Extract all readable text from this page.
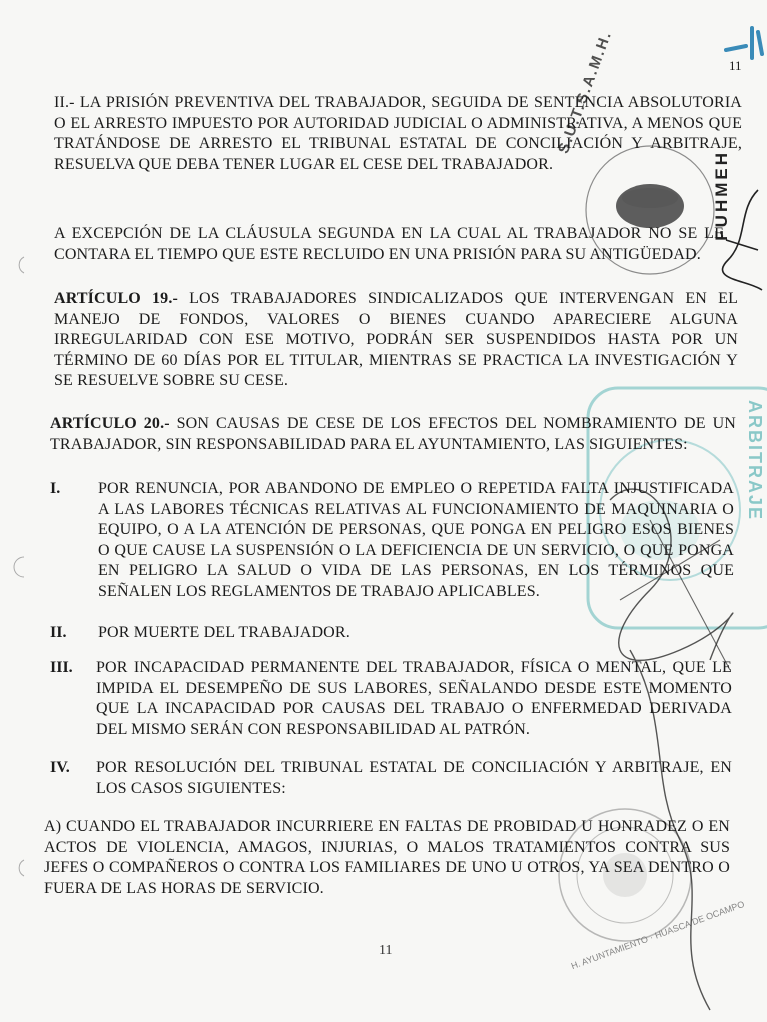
11
S.U.T.S.A.M.H.
FUHMEH
ARBITRAJE
H. AYUNTAMIENTO · HUASCA DE OCAMPO

II.- LA PRISIÓN PREVENTIVA DEL TRABAJADOR, SEGUIDA DE SENTENCIA ABSOLUTORIA O EL ARRESTO IMPUESTO POR AUTORIDAD JUDICIAL O ADMINISTRATIVA, A MENOS QUE TRATÁNDOSE DE ARRESTO EL TRIBUNAL ESTATAL DE CONCILIACIÓN Y ARBITRAJE, RESUELVA QUE DEBA TENER LUGAR EL CESE DEL TRABAJADOR.

A EXCEPCIÓN DE LA CLÁUSULA SEGUNDA EN LA CUAL AL TRABAJADOR NO SE LE CONTARA EL TIEMPO QUE ESTE RECLUIDO EN UNA PRISIÓN PARA SU ANTIGÜEDAD.

ARTÍCULO 19.- LOS TRABAJADORES SINDICALIZADOS QUE INTERVENGAN EN EL MANEJO DE FONDOS, VALORES O BIENES CUANDO APARECIERE ALGUNA IRREGULARIDAD CON ESE MOTIVO, PODRÁN SER SUSPENDIDOS HASTA POR UN TÉRMINO DE 60 DÍAS POR EL TITULAR, MIENTRAS SE PRACTICA LA INVESTIGACIÓN Y SE RESUELVE SOBRE SU CESE.

ARTÍCULO 20.- SON CAUSAS DE CESE DE LOS EFECTOS DEL NOMBRAMIENTO DE UN TRABAJADOR, SIN RESPONSABILIDAD PARA EL AYUNTAMIENTO, LAS SIGUIENTES:

I. POR RENUNCIA, POR ABANDONO DE EMPLEO O REPETIDA FALTA INJUSTIFICADA A LAS LABORES TÉCNICAS RELATIVAS AL FUNCIONAMIENTO DE MAQUINARIA O EQUIPO, O A LA ATENCIÓN DE PERSONAS, QUE PONGA EN PELIGRO ESOS BIENES O QUE CAUSE LA SUSPENSIÓN O LA DEFICIENCIA DE UN SERVICIO, O QUE PONGA EN PELIGRO LA SALUD O VIDA DE LAS PERSONAS, EN LOS TÉRMINOS QUE SEÑALEN LOS REGLAMENTOS DE TRABAJO APLICABLES.

II. POR MUERTE DEL TRABAJADOR.

III. POR INCAPACIDAD PERMANENTE DEL TRABAJADOR, FÍSICA O MENTAL, QUE LE IMPIDA EL DESEMPEÑO DE SUS LABORES, SEÑALANDO DESDE ESTE MOMENTO QUE LA INCAPACIDAD POR CAUSAS DEL TRABAJO O ENFERMEDAD DERIVADA DEL MISMO SERÁN CON RESPONSABILIDAD AL PATRÓN.

IV. POR RESOLUCIÓN DEL TRIBUNAL ESTATAL DE CONCILIACIÓN Y ARBITRAJE, EN LOS CASOS SIGUIENTES:

A) CUANDO EL TRABAJADOR INCURRIERE EN FALTAS DE PROBIDAD U HONRADEZ O EN ACTOS DE VIOLENCIA, AMAGOS, INJURIAS, O MALOS TRATAMIENTOS CONTRA SUS JEFES O COMPAÑEROS O CONTRA LOS FAMILIARES DE UNO U OTROS, YA SEA DENTRO O FUERA DE LAS HORAS DE SERVICIO.

11
